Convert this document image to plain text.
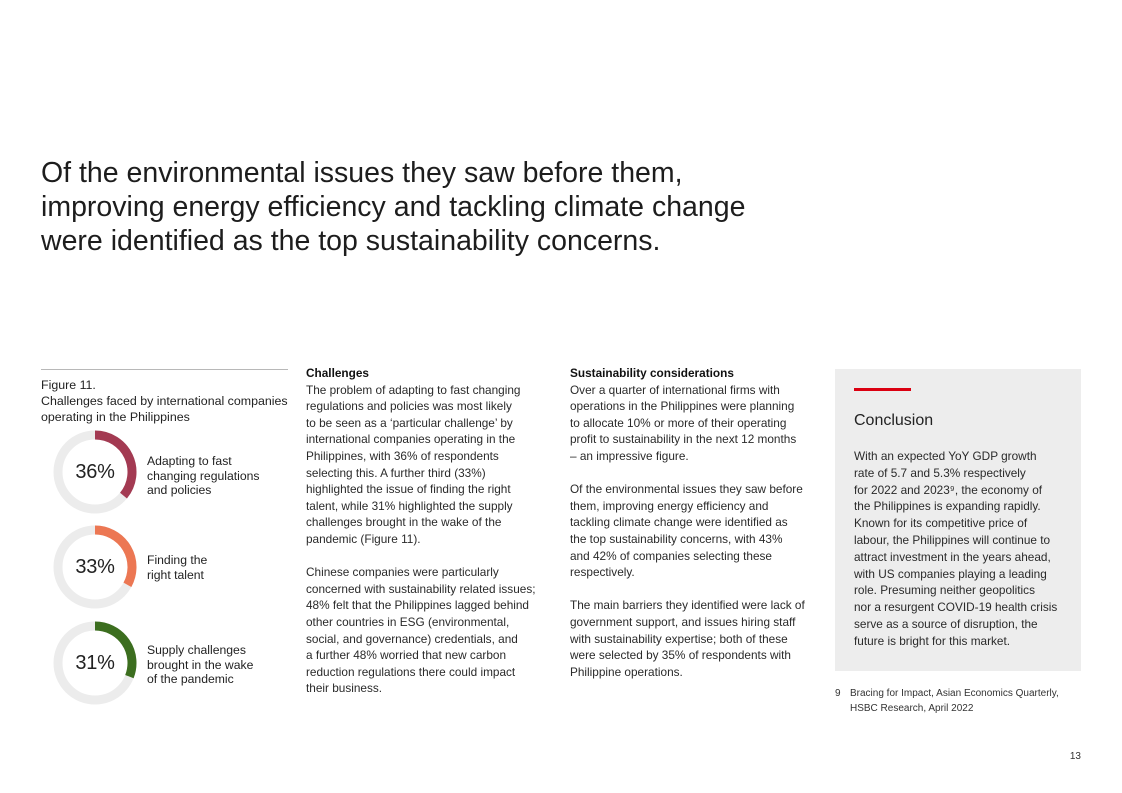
Of the environmental issues they saw before them,
improving energy efficiency and tackling climate change
were identified as the top sustainability concerns.
Figure 11.
Challenges faced by international companies operating in the Philippines
36%	Adapting to fast
changing regulations
and policies
33%	Finding the
right talent
31%
Supply challenges
brought in the wake
of the pandemic
Challenges

The problem of adapting to fast changing
regulations and policies was most likely
to be seen as a ‘particular challenge’ by
international companies operating in the
Philippines, with 36% of respondents
selecting this. A further third (33%)
highlighted the issue of finding the right
talent, while 31% highlighted the supply
challenges brought in the wake of the
pandemic (Figure 11).

Chinese companies were particularly
concerned with sustainability related issues;
48% felt that the Philippines lagged behind
other countries in ESG (environmental,
social, and governance) credentials, and
a further 48% worried that new carbon
reduction regulations there could impact
their business.

Sustainability considerations

Over a quarter of international firms with
operations in the Philippines were planning
to allocate 10% or more of their operating
profit to sustainability in the next 12 months
– an impressive figure.

Of the environmental issues they saw before
them, improving energy efficiency and
tackling climate change were identified as
the top sustainability concerns, with 43%
and 42% of companies selecting these
respectively.

The main barriers they identified were lack of
government support, and issues hiring staff
with sustainability expertise; both of these
were selected by 35% of respondents with
Philippine operations.

Conclusion
With an expected YoY GDP growth
rate of 5.7 and 5.3% respectively
for 2022 and 2023⁹, the economy of
the Philippines is expanding rapidly.
Known for its competitive price of
labour, the Philippines will continue to
attract investment in the years ahead,
with US companies playing a leading
role. Presuming neither geopolitics
nor a resurgent COVID-19 health crisis
serve as a source of disruption, the
future is bright for this market.
9 Bracing for Impact, Asian Economics Quarterly,
HSBC Research, April 2022
13
